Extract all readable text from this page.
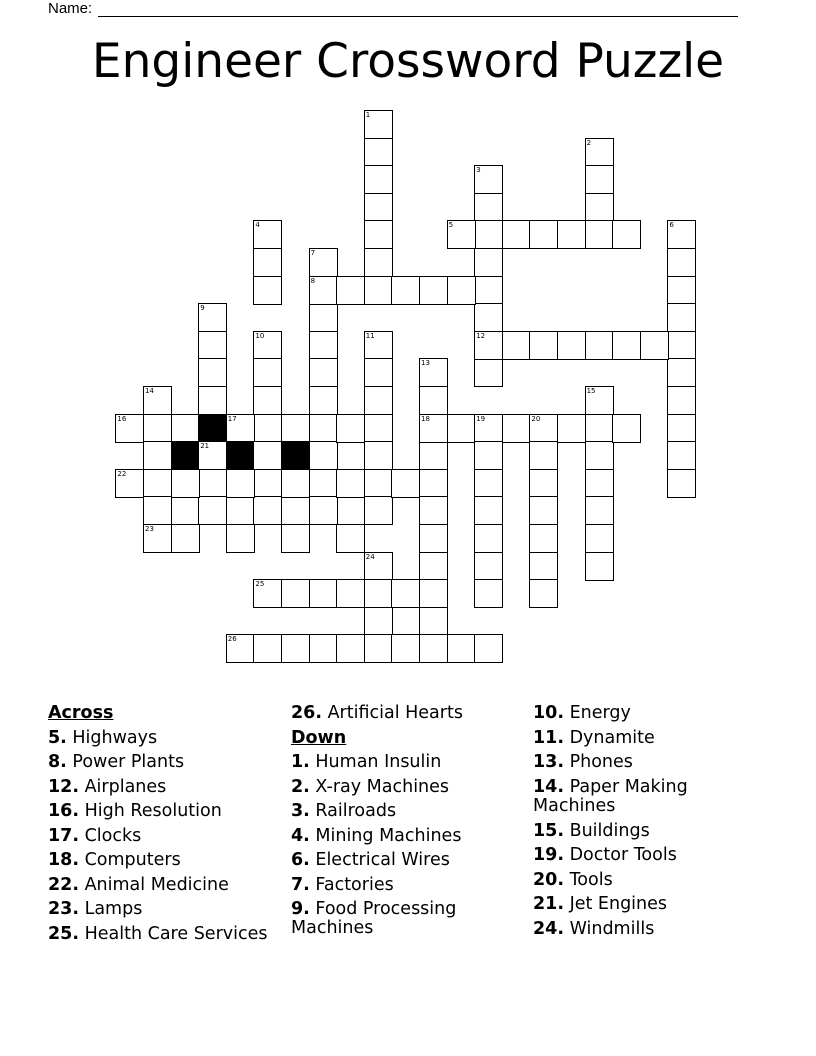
Name:
Engineer Crossword Puzzle
1
2
3
4	5	6
7
8
9
10	11	12
13
14	15
16	17	18	19	20
21
22
23
24
25
26
Across
5. Highways
8. Power Plants
12. Airplanes
16. High Resolution
17. Clocks
18. Computers
22. Animal Medicine
23. Lamps
25. Health Care Services
26. Artificial Hearts
Down
1. Human Insulin
2. X-ray Machines
3. Railroads
4. Mining Machines
6. Electrical Wires
7. Factories
9. Food Processing Machines
10. Energy
11. Dynamite
13. Phones
14. Paper Making Machines
15. Buildings
19. Doctor Tools
20. Tools
21. Jet Engines
24. Windmills
